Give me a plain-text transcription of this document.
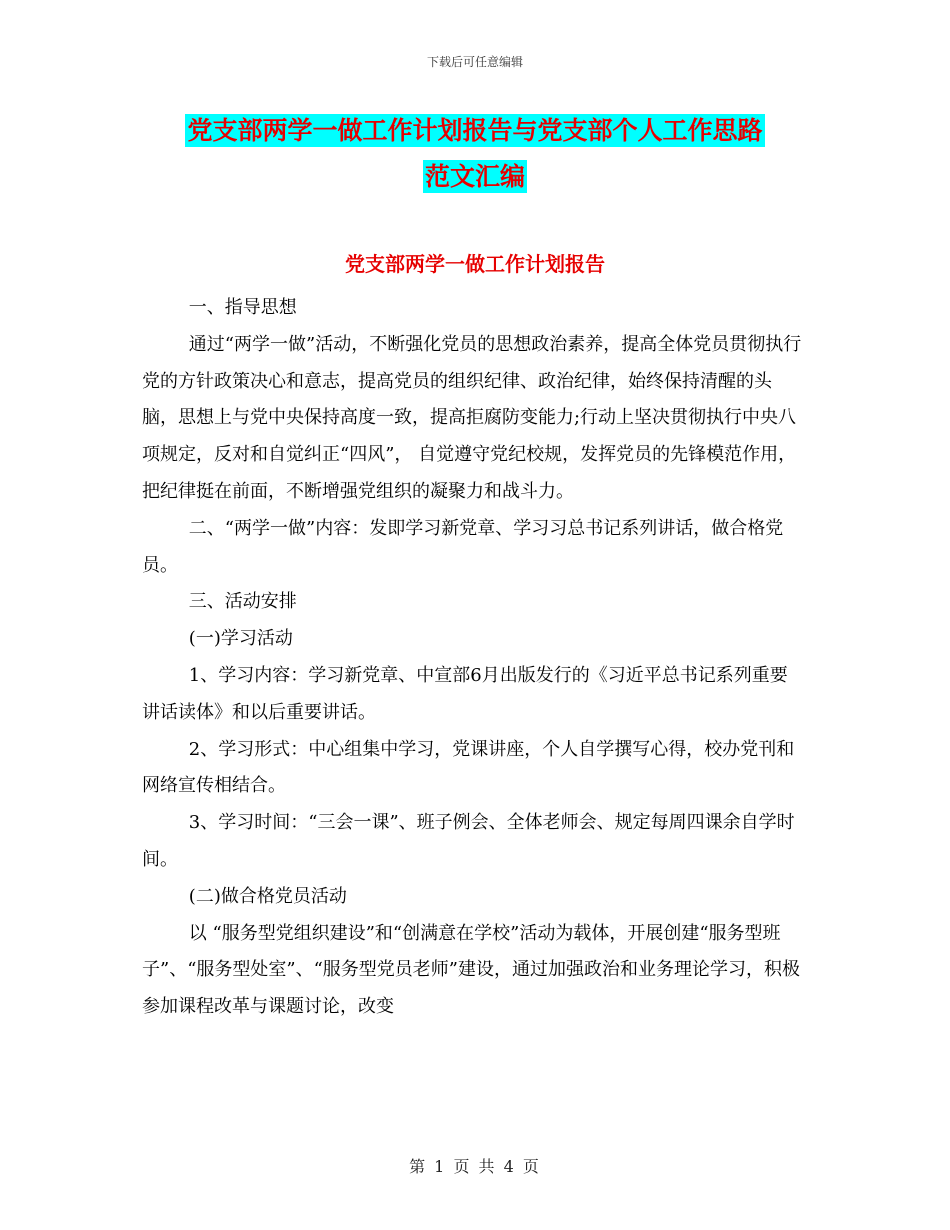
下载后可任意编辑
党支部两学一做工作计划报告与党支部个人工作思路
范文汇编
党支部两学一做工作计划报告

一、指导思想

通过“两学一做”活动，不断强化党员的思想政治素养，提高全体党员贯彻执行党的方针政策决心和意志，提高党员的组织纪律、政治纪律，始终保持清醒的头脑，思想上与党中央保持高度一致，提高拒腐防变能力;行动上坚决贯彻执行中央八项规定，反对和自觉纠正“四风”， 自觉遵守党纪校规，发挥党员的先锋模范作用，把纪律挺在前面，不断增强党组织的凝聚力和战斗力。

二、“两学一做”内容：发即学习新党章、学习习总书记系列讲话，做合格党员。

三、活动安排

(一)学习活动

1、学习内容：学习新党章、中宣部6月出版发行的《习近平总书记系列重要讲话读体》和以后重要讲话。

2、学习形式：中心组集中学习，党课讲座，个人自学撰写心得，校办党刊和网络宣传相结合。

3、学习时间：“三会一课”、班子例会、全体老师会、规定每周四课余自学时间。

(二)做合格党员活动

以 “服务型党组织建设”和“创满意在学校”活动为载体，开展创建“服务型班子”、“服务型处室”、“服务型党员老师”建设，通过加强政治和业务理论学习，积极参加课程改革与课题讨论，改变

第 1 页 共 4 页
